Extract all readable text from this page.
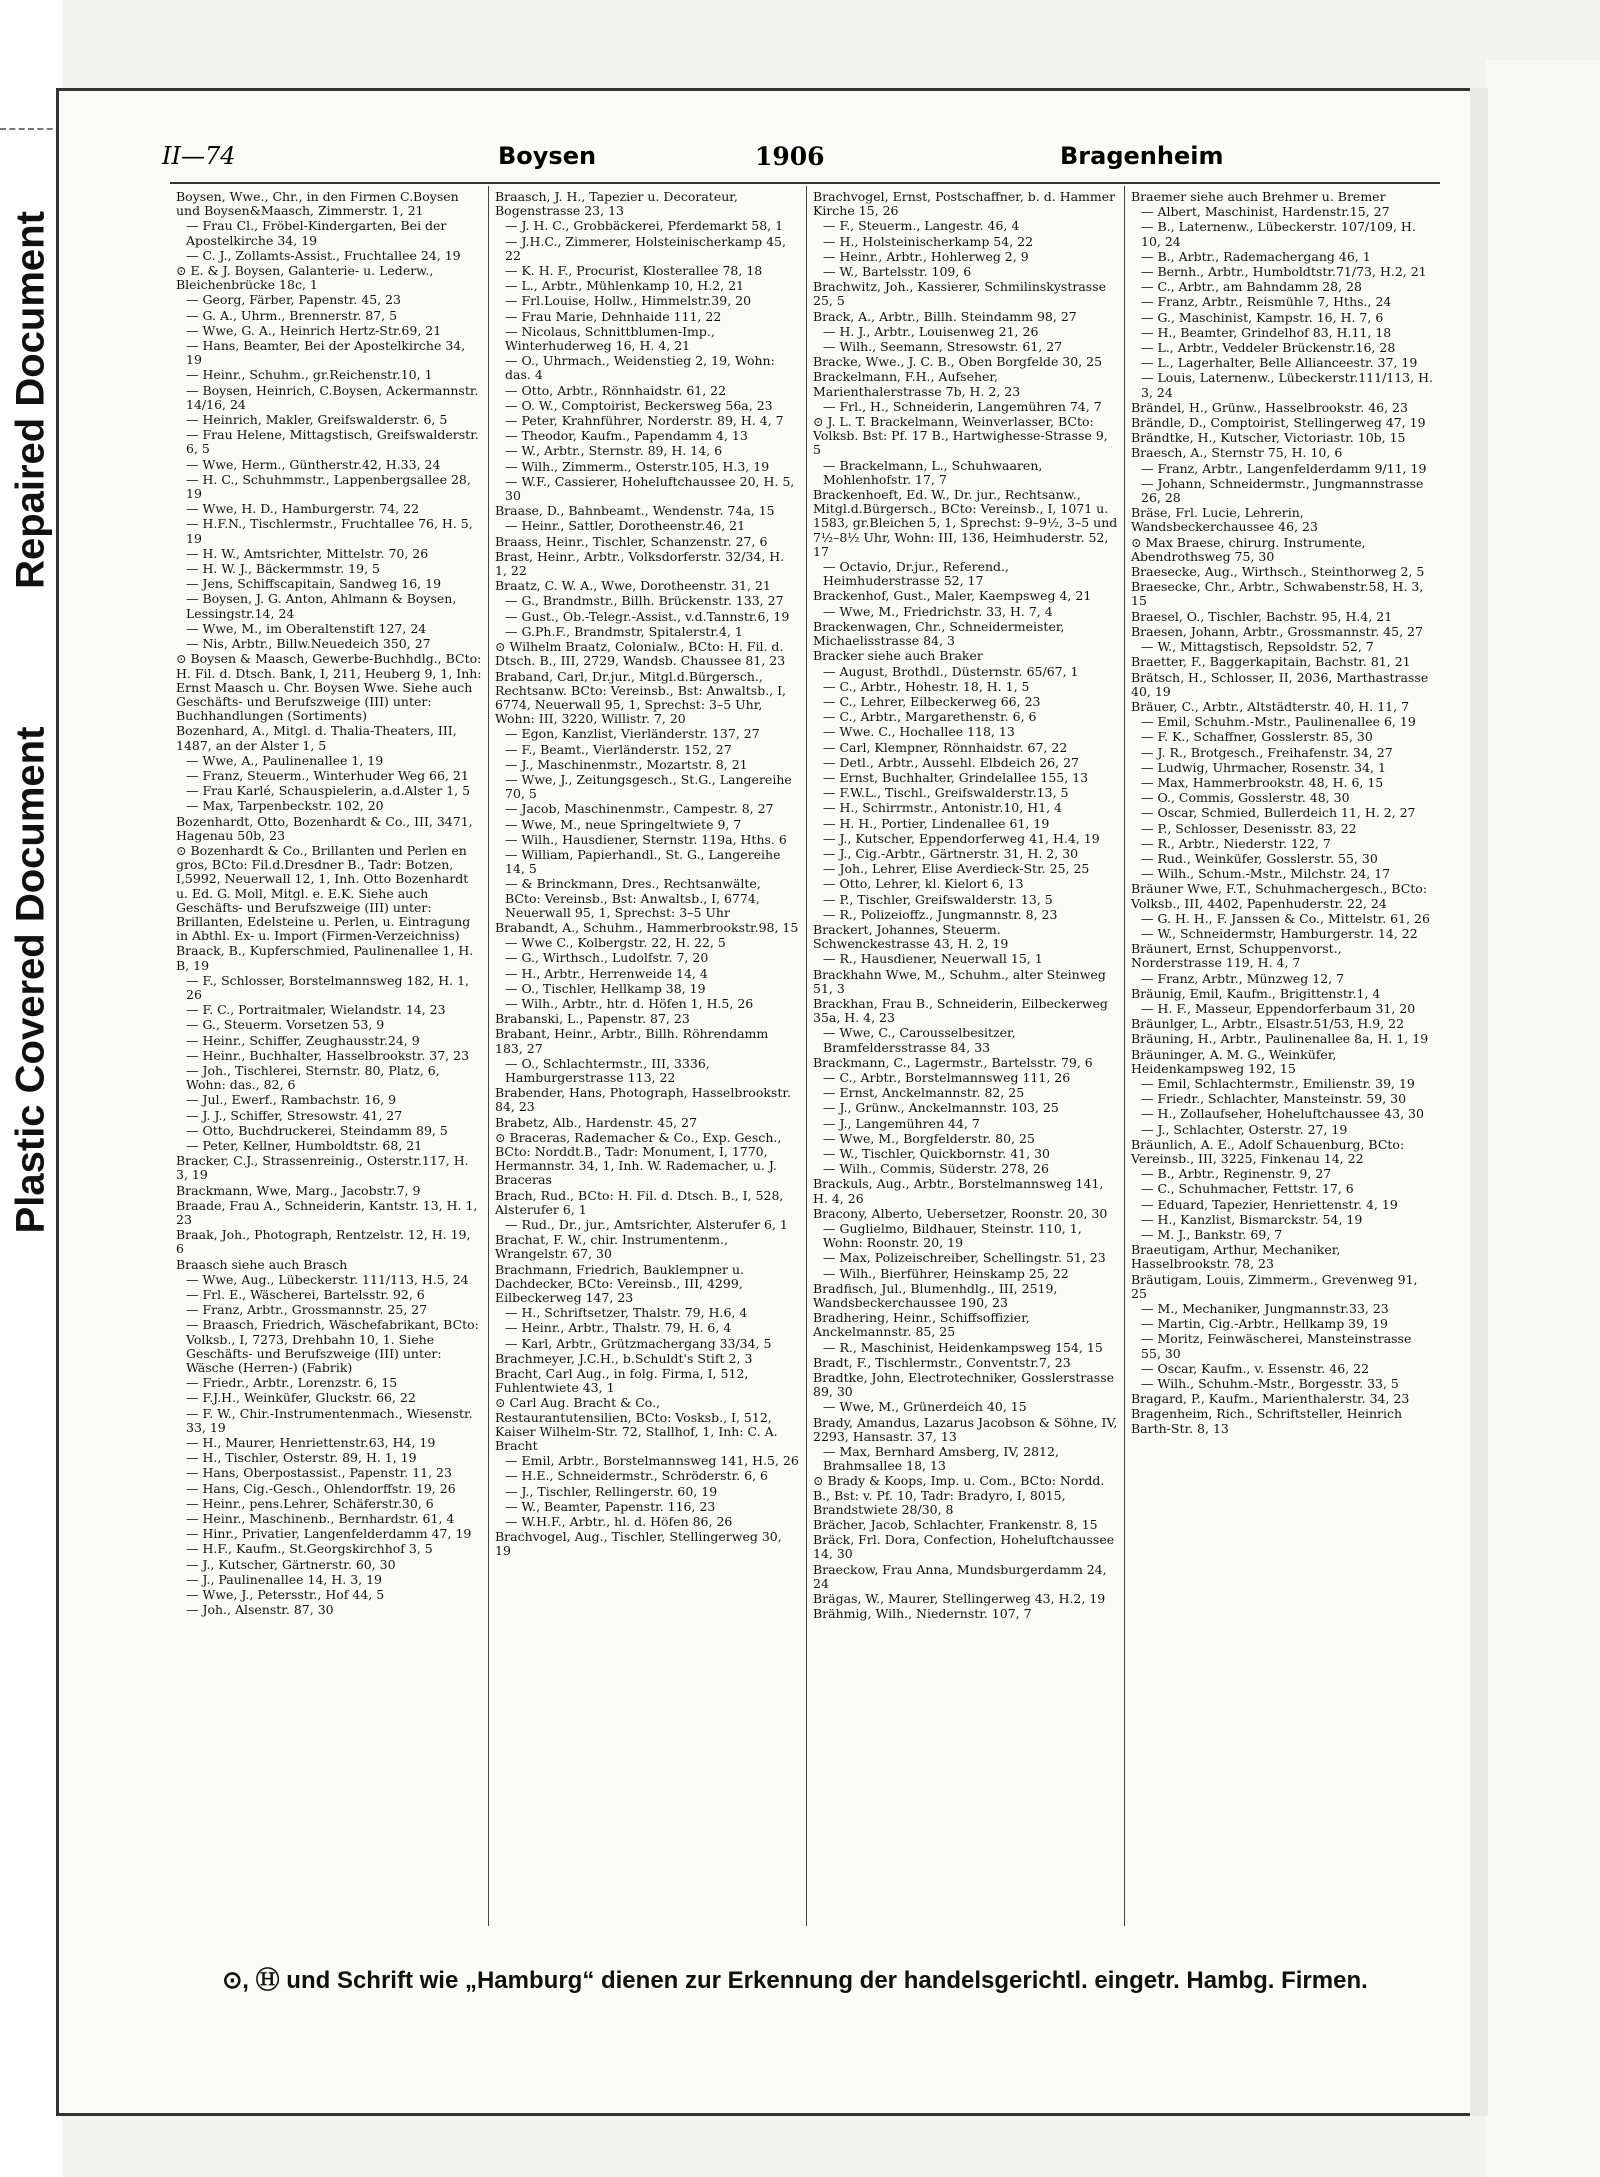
Repaired Document
Plastic Covered Document
II—74	Boysen	1906	Bragenheim
Boysen, Wwe., Chr., in den Firmen C.Boysen und Boysen&Maasch, Zimmerstr. 1, 21
— Frau Cl., Fröbel-Kindergarten, Bei der Apostelkirche 34, 19
— C. J., Zollamts-Assist., Fruchtallee 24, 19
⊙ E. & J. Boysen, Galanterie- u. Lederw., Bleichenbrücke 18c, 1
— Georg, Färber, Papenstr. 45, 23
— G. A., Uhrm., Brennerstr. 87, 5
— Wwe, G. A., Heinrich Hertz-Str.69, 21
— Hans, Beamter, Bei der Apostelkirche 34, 19
— Heinr., Schuhm., gr.Reichenstr.10, 1
— Boysen, Heinrich, C.Boysen, Ackermannstr. 14/16, 24
— Heinrich, Makler, Greifswalderstr. 6, 5
— Frau Helene, Mittagstisch, Greifswalderstr. 6, 5
— Wwe, Herm., Güntherstr.42, H.33, 24
— H. C., Schuhmmstr., Lappenbergsallee 28, 19
— Wwe, H. D., Hamburgerstr. 74, 22
— H.F.N., Tischlermstr., Fruchtallee 76, H. 5, 19
— H. W., Amtsrichter, Mittelstr. 70, 26
— H. W. J., Bäckermmstr. 19, 5
— Jens, Schiffscapitain, Sandweg 16, 19
— Boysen, J. G. Anton, Ahlmann & Boysen, Lessingstr.14, 24
— Wwe, M., im Oberaltenstift 127, 24
— Nis, Arbtr., Billw.Neuedeich 350, 27
⊙ Boysen & Maasch, Gewerbe-Buchhdlg., BCto: H. Fil. d. Dtsch. Bank, I, 211, Heuberg 9, 1, Inh: Ernst Maasch u. Chr. Boysen Wwe. Siehe auch Geschäfts- und Berufszweige (III) unter: Buchhandlungen (Sortiments)
Bozenhard, A., Mitgl. d. Thalia-Theaters, III, 1487, an der Alster 1, 5
— Wwe, A., Paulinenallee 1, 19
— Franz, Steuerm., Winterhuder Weg 66, 21
— Frau Karlé, Schauspielerin, a.d.Alster 1, 5
— Max, Tarpenbeckstr. 102, 20
Bozenhardt, Otto, Bozenhardt & Co., III, 3471, Hagenau 50b, 23
⊙ Bozenhardt & Co., Brillanten und Perlen en gros, BCto: Fil.d.Dresdner B., Tadr: Botzen, I,5992, Neuerwall 12, 1, Inh. Otto Bozenhardt u. Ed. G. Moll, Mitgl. e. E.K. Siehe auch Geschäfts- und Berufszweige (III) unter: Brillanten, Edelsteine u. Perlen, u. Eintragung in Abthl. Ex- u. Import (Firmen-Verzeichniss)
Braack, B., Kupferschmied, Paulinenallee 1, H. B, 19
— F., Schlosser, Borstelmannsweg 182, H. 1, 26
— F. C., Portraitmaler, Wielandstr. 14, 23
— G., Steuerm. Vorsetzen 53, 9
— Heinr., Schiffer, Zeughausstr.24, 9
— Heinr., Buchhalter, Hasselbrookstr. 37, 23
— Joh., Tischlerei, Sternstr. 80, Platz, 6, Wohn: das., 82, 6
— Jul., Ewerf., Rambachstr. 16, 9
— J. J., Schiffer, Stresowstr. 41, 27
— Otto, Buchdruckerei, Steindamm 89, 5
— Peter, Kellner, Humboldtstr. 68, 21
Bracker, C.J., Strassenreinig., Osterstr.117, H. 3, 19
Brackmann, Wwe, Marg., Jacobstr.7, 9
Braade, Frau A., Schneiderin, Kantstr. 13, H. 1, 23
Braak, Joh., Photograph, Rentzelstr. 12, H. 19, 6
Braasch siehe auch Brasch
— Wwe, Aug., Lübeckerstr. 111/113, H.5, 24
— Frl. E., Wäscherei, Bartelsstr. 92, 6
— Franz, Arbtr., Grossmannstr. 25, 27
— Braasch, Friedrich, Wäschefabrikant, BCto: Volksb., I, 7273, Drehbahn 10, 1. Siehe Geschäfts- und Berufszweige (III) unter: Wäsche (Herren-) (Fabrik)
— Friedr., Arbtr., Lorenzstr. 6, 15
— F.J.H., Weinküfer, Gluckstr. 66, 22
— F. W., Chir.-Instrumentenmach., Wiesenstr. 33, 19
— H., Maurer, Henriettenstr.63, H4, 19
— H., Tischler, Osterstr. 89, H. 1, 19
— Hans, Oberpostassist., Papenstr. 11, 23
— Hans, Cig.-Gesch., Ohlendorffstr. 19, 26
— Heinr., pens.Lehrer, Schäferstr.30, 6
— Heinr., Maschinenb., Bernhardstr. 61, 4
— Hinr., Privatier, Langenfelderdamm 47, 19
— H.F., Kaufm., St.Georgskirchhof 3, 5
— J., Kutscher, Gärtnerstr. 60, 30
— J., Paulinenallee 14, H. 3, 19
— Wwe, J., Petersstr., Hof 44, 5
— Joh., Alsenstr. 87, 30
Braasch, J. H., Tapezier u. Decorateur, Bogenstrasse 23, 13
— J. H. C., Grobbäckerei, Pferdemarkt 58, 1
— J.H.C., Zimmerer, Holsteinischerkamp 45, 22
— K. H. F., Procurist, Klosterallee 78, 18
— L., Arbtr., Mühlenkamp 10, H.2, 21
— Frl.Louise, Hollw., Himmelstr.39, 20
— Frau Marie, Dehnhaide 111, 22
— Nicolaus, Schnittblumen-Imp., Winterhuderweg 16, H. 4, 21
— O., Uhrmach., Weidenstieg 2, 19, Wohn: das. 4
— Otto, Arbtr., Rönnhaidstr. 61, 22
— O. W., Comptoirist, Beckersweg 56a, 23
— Peter, Krahnführer, Norderstr. 89, H. 4, 7
— Theodor, Kaufm., Papendamm 4, 13
— W., Arbtr., Sternstr. 89, H. 14, 6
— Wilh., Zimmerm., Osterstr.105, H.3, 19
— W.F., Cassierer, Hoheluftchaussee 20, H. 5, 30
Braase, D., Bahnbeamt., Wendenstr. 74a, 15
— Heinr., Sattler, Dorotheenstr.46, 21
Braass, Heinr., Tischler, Schanzenstr. 27, 6
Brast, Heinr., Arbtr., Volksdorferstr. 32/34, H. 1, 22
Braatz, C. W. A., Wwe, Dorotheenstr. 31, 21
— G., Brandmstr., Billh. Brückenstr. 133, 27
— Gust., Ob.-Telegr.-Assist., v.d.Tannstr.6, 19
— G.Ph.F., Brandmstr, Spitalerstr.4, 1
⊙ Wilhelm Braatz, Colonialw., BCto: H. Fil. d. Dtsch. B., III, 2729, Wandsb. Chaussee 81, 23
Braband, Carl, Dr.jur., Mitgl.d.Bürgersch., Rechtsanw. BCto: Vereinsb., Bst: Anwaltsb., I, 6774, Neuerwall 95, 1, Sprechst: 3–5 Uhr, Wohn: III, 3220, Willistr. 7, 20
— Egon, Kanzlist, Vierländerstr. 137, 27
— F., Beamt., Vierländerstr. 152, 27
— J., Maschinenmstr., Mozartstr. 8, 21
— Wwe, J., Zeitungsgesch., St.G., Langereihe 70, 5
— Jacob, Maschinenmstr., Campestr. 8, 27
— Wwe, M., neue Springeltwiete 9, 7
— Wilh., Hausdiener, Sternstr. 119a, Hths. 6
— William, Papierhandl., St. G., Langereihe 14, 5
— & Brinckmann, Dres., Rechtsanwälte, BCto: Vereinsb., Bst: Anwaltsb., I, 6774, Neuerwall 95, 1, Sprechst: 3–5 Uhr
Brabandt, A., Schuhm., Hammerbrookstr.98, 15
— Wwe C., Kolbergstr. 22, H. 22, 5
— G., Wirthsch., Ludolfstr. 7, 20
— H., Arbtr., Herrenweide 14, 4
— O., Tischler, Hellkamp 38, 19
— Wilh., Arbtr., htr. d. Höfen 1, H.5, 26
Brabanski, L., Papenstr. 87, 23
Brabant, Heinr., Arbtr., Billh. Röhrendamm 183, 27
— O., Schlachtermstr., III, 3336, Hamburgerstrasse 113, 22
Brabender, Hans, Photograph, Hasselbrookstr. 84, 23
Brabetz, Alb., Hardenstr. 45, 27
⊙ Braceras, Rademacher & Co., Exp. Gesch., BCto: Norddt.B., Tadr: Monument, I, 1770, Hermannstr. 34, 1, Inh. W. Rademacher, u. J. Braceras
Brach, Rud., BCto: H. Fil. d. Dtsch. B., I, 528, Alsterufer 6, 1
— Rud., Dr., jur., Amtsrichter, Alsterufer 6, 1
Brachat, F. W., chir. Instrumentenm., Wrangelstr. 67, 30
Brachmann, Friedrich, Bauklempner u. Dachdecker, BCto: Vereinsb., III, 4299, Eilbeckerweg 147, 23
— H., Schriftsetzer, Thalstr. 79, H.6, 4
— Heinr., Arbtr., Thalstr. 79, H. 6, 4
— Karl, Arbtr., Grützmachergang 33/34, 5
Brachmeyer, J.C.H., b.Schuldt's Stift 2, 3
Bracht, Carl Aug., in folg. Firma, I, 512, Fuhlentwiete 43, 1
⊙ Carl Aug. Bracht & Co., Restaurantutensilien, BCto: Vosksb., I, 512, Kaiser Wilhelm-Str. 72, Stallhof, 1, Inh: C. A. Bracht
— Emil, Arbtr., Borstelmannsweg 141, H.5, 26
— H.E., Schneidermstr., Schröderstr. 6, 6
— J., Tischler, Rellingerstr. 60, 19
— W., Beamter, Papenstr. 116, 23
— W.H.F., Arbtr., hl. d. Höfen 86, 26
Brachvogel, Aug., Tischler, Stellingerweg 30, 19
Brachvogel, Ernst, Postschaffner, b. d. Hammer Kirche 15, 26
— F., Steuerm., Langestr. 46, 4
— H., Holsteinischerkamp 54, 22
— Heinr., Arbtr., Hohlerweg 2, 9
— W., Bartelsstr. 109, 6
Brachwitz, Joh., Kassierer, Schmilinskystrasse 25, 5
Brack, A., Arbtr., Billh. Steindamm 98, 27
— H. J., Arbtr., Louisenweg 21, 26
— Wilh., Seemann, Stresowstr. 61, 27
Bracke, Wwe., J. C. B., Oben Borgfelde 30, 25
Brackelmann, F.H., Aufseher, Marienthalerstrasse 7b, H. 2, 23
— Frl., H., Schneiderin, Langemühren 74, 7
⊙ J. L. T. Brackelmann, Weinverlasser, BCto: Volksb. Bst: Pf. 17 B., Hartwighesse-Strasse 9, 5
— Brackelmann, L., Schuhwaaren, Mohlenhofstr. 17, 7
Brackenhoeft, Ed. W., Dr. jur., Rechtsanw., Mitgl.d.Bürgersch., BCto: Vereinsb., I, 1071 u. 1583, gr.Bleichen 5, 1, Sprechst: 9–9½, 3–5 und 7½–8½ Uhr, Wohn: III, 136, Heimhuderstr. 52, 17
— Octavio, Dr.jur., Referend., Heimhuderstrasse 52, 17
Brackenhof, Gust., Maler, Kaempsweg 4, 21
— Wwe, M., Friedrichstr. 33, H. 7, 4
Brackenwagen, Chr., Schneidermeister, Michaelisstrasse 84, 3
Bracker siehe auch Braker
— August, Brothdl., Düsternstr. 65/67, 1
— C., Arbtr., Hohestr. 18, H. 1, 5
— C., Lehrer, Eilbeckerweg 66, 23
— C., Arbtr., Margarethenstr. 6, 6
— Wwe. C., Hochallee 118, 13
— Carl, Klempner, Rönnhaidstr. 67, 22
— Detl., Arbtr., Aussehl. Elbdeich 26, 27
— Ernst, Buchhalter, Grindelallee 155, 13
— F.W.L., Tischl., Greifswalderstr.13, 5
— H., Schirrmstr., Antonistr.10, H1, 4
— H. H., Portier, Lindenallee 61, 19
— J., Kutscher, Eppendorferweg 41, H.4, 19
— J., Cig.-Arbtr., Gärtnerstr. 31, H. 2, 30
— Joh., Lehrer, Elise Averdieck-Str. 25, 25
— Otto, Lehrer, kl. Kielort 6, 13
— P., Tischler, Greifswalderstr. 13, 5
— R., Polizeioffz., Jungmannstr. 8, 23
Brackert, Johannes, Steuerm. Schwenckestrasse 43, H. 2, 19
— R., Hausdiener, Neuerwall 15, 1
Brackhahn Wwe, M., Schuhm., alter Steinweg 51, 3
Brackhan, Frau B., Schneiderin, Eilbeckerweg 35a, H. 4, 23
— Wwe, C., Carousselbesitzer, Bramfeldersstrasse 84, 33
Brackmann, C., Lagermstr., Bartelsstr. 79, 6
— C., Arbtr., Borstelmannsweg 111, 26
— Ernst, Anckelmannstr. 82, 25
— J., Grünw., Anckelmannstr. 103, 25
— J., Langemühren 44, 7
— Wwe, M., Borgfelderstr. 80, 25
— W., Tischler, Quickbornstr. 41, 30
— Wilh., Commis, Süderstr. 278, 26
Brackuls, Aug., Arbtr., Borstelmannsweg 141, H. 4, 26
Bracony, Alberto, Uebersetzer, Roonstr. 20, 30
— Guglielmo, Bildhauer, Steinstr. 110, 1, Wohn: Roonstr. 20, 19
— Max, Polizeischreiber, Schellingstr. 51, 23
— Wilh., Bierführer, Heinskamp 25, 22
Bradfisch, Jul., Blumenhdlg., III, 2519, Wandsbeckerchaussee 190, 23
Bradhering, Heinr., Schiffsoffizier, Anckelmannstr. 85, 25
— R., Maschinist, Heidenkampsweg 154, 15
Bradt, F., Tischlermstr., Conventstr.7, 23
Bradtke, John, Electrotechniker, Gosslerstrasse 89, 30
— Wwe, M., Grünerdeich 40, 15
Brady, Amandus, Lazarus Jacobson & Söhne, IV, 2293, Hansastr. 37, 13
— Max, Bernhard Amsberg, IV, 2812, Brahmsallee 18, 13
⊙ Brady & Koops, Imp. u. Com., BCto: Nordd. B., Bst: v. Pf. 10, Tadr: Bradyro, I, 8015, Brandstwiete 28/30, 8
Brächer, Jacob, Schlachter, Frankenstr. 8, 15
Bräck, Frl. Dora, Confection, Hoheluftchaussee 14, 30
Braeckow, Frau Anna, Mundsburgerdamm 24, 24
Brägas, W., Maurer, Stellingerweg 43, H.2, 19
Brähmig, Wilh., Niedernstr. 107, 7
Braemer siehe auch Brehmer u. Bremer
— Albert, Maschinist, Hardenstr.15, 27
— B., Laternenw., Lübeckerstr. 107/109, H. 10, 24
— B., Arbtr., Rademachergang 46, 1
— Bernh., Arbtr., Humboldtstr.71/73, H.2, 21
— C., Arbtr., am Bahndamm 28, 28
— Franz, Arbtr., Reismühle 7, Hths., 24
— G., Maschinist, Kampstr. 16, H. 7, 6
— H., Beamter, Grindelhof 83, H.11, 18
— L., Arbtr., Veddeler Brückenstr.16, 28
— L., Lagerhalter, Belle Allianceestr. 37, 19
— Louis, Laternenw., Lübeckerstr.111/113, H. 3, 24
Brändel, H., Grünw., Hasselbrookstr. 46, 23
Brändle, D., Comptoirist, Stellingerweg 47, 19
Brändtke, H., Kutscher, Victoriastr. 10b, 15
Braesch, A., Sternstr 75, H. 10, 6
— Franz, Arbtr., Langenfelderdamm 9/11, 19
— Johann, Schneidermstr., Jungmannstrasse 26, 28
Bräse, Frl. Lucie, Lehrerin, Wandsbeckerchaussee 46, 23
⊙ Max Braese, chirurg. Instrumente, Abendrothsweg 75, 30
Braesecke, Aug., Wirthsch., Steinthorweg 2, 5
Braesecke, Chr., Arbtr., Schwabenstr.58, H. 3, 15
Braesel, O., Tischler, Bachstr. 95, H.4, 21
Braesen, Johann, Arbtr., Grossmannstr. 45, 27
— W., Mittagstisch, Repsoldstr. 52, 7
Braetter, F., Baggerkapitain, Bachstr. 81, 21
Brätsch, H., Schlosser, II, 2036, Marthastrasse 40, 19
Bräuer, C., Arbtr., Altstädterstr. 40, H. 11, 7
— Emil, Schuhm.-Mstr., Paulinenallee 6, 19
— F. K., Schaffner, Gosslerstr. 85, 30
— J. R., Brotgesch., Freihafenstr. 34, 27
— Ludwig, Uhrmacher, Rosenstr. 34, 1
— Max, Hammerbrookstr. 48, H. 6, 15
— O., Commis, Gosslerstr. 48, 30
— Oscar, Schmied, Bullerdeich 11, H. 2, 27
— P., Schlosser, Desenisstr. 83, 22
— R., Arbtr., Niederstr. 122, 7
— Rud., Weinküfer, Gosslerstr. 55, 30
— Wilh., Schum.-Mstr., Milchstr. 24, 17
Bräuner Wwe, F.T., Schuhmachergesch., BCto: Volksb., III, 4402, Papenhuderstr. 22, 24
— G. H. H., F. Janssen & Co., Mittelstr. 61, 26
— W., Schneidermstr, Hamburgerstr. 14, 22
Bräunert, Ernst, Schuppenvorst., Norderstrasse 119, H. 4, 7
— Franz, Arbtr., Münzweg 12, 7
Bräunig, Emil, Kaufm., Brigittenstr.1, 4
— H. F., Masseur, Eppendorferbaum 31, 20
Bräunlger, L., Arbtr., Elsastr.51/53, H.9, 22
Bräuning, H., Arbtr., Paulinenallee 8a, H. 1, 19
Bräuninger, A. M. G., Weinküfer, Heidenkampsweg 192, 15
— Emil, Schlachtermstr., Emilienstr. 39, 19
— Friedr., Schlachter, Mansteinstr. 59, 30
— H., Zollaufseher, Hoheluftchaussee 43, 30
— J., Schlachter, Osterstr. 27, 19
Bräunlich, A. E., Adolf Schauenburg, BCto: Vereinsb., III, 3225, Finkenau 14, 22
— B., Arbtr., Reginenstr. 9, 27
— C., Schuhmacher, Fettstr. 17, 6
— Eduard, Tapezier, Henriettenstr. 4, 19
— H., Kanzlist, Bismarckstr. 54, 19
— M. J., Bankstr. 69, 7
Braeutigam, Arthur, Mechaniker, Hasselbrookstr. 78, 23
Bräutigam, Louis, Zimmerm., Grevenweg 91, 25
— M., Mechaniker, Jungmannstr.33, 23
— Martin, Cig.-Arbtr., Hellkamp 39, 19
— Moritz, Feinwäscherei, Mansteinstrasse 55, 30
— Oscar, Kaufm., v. Essenstr. 46, 22
— Wilh., Schuhm.-Mstr., Borgesstr. 33, 5
Bragard, P., Kaufm., Marienthalerstr. 34, 23
Bragenheim, Rich., Schriftsteller, Heinrich Barth-Str. 8, 13
⊙, Ⓗ und Schrift wie „Hamburg“ dienen zur Erkennung der handelsgerichtl. eingetr. Hambg. Firmen.
